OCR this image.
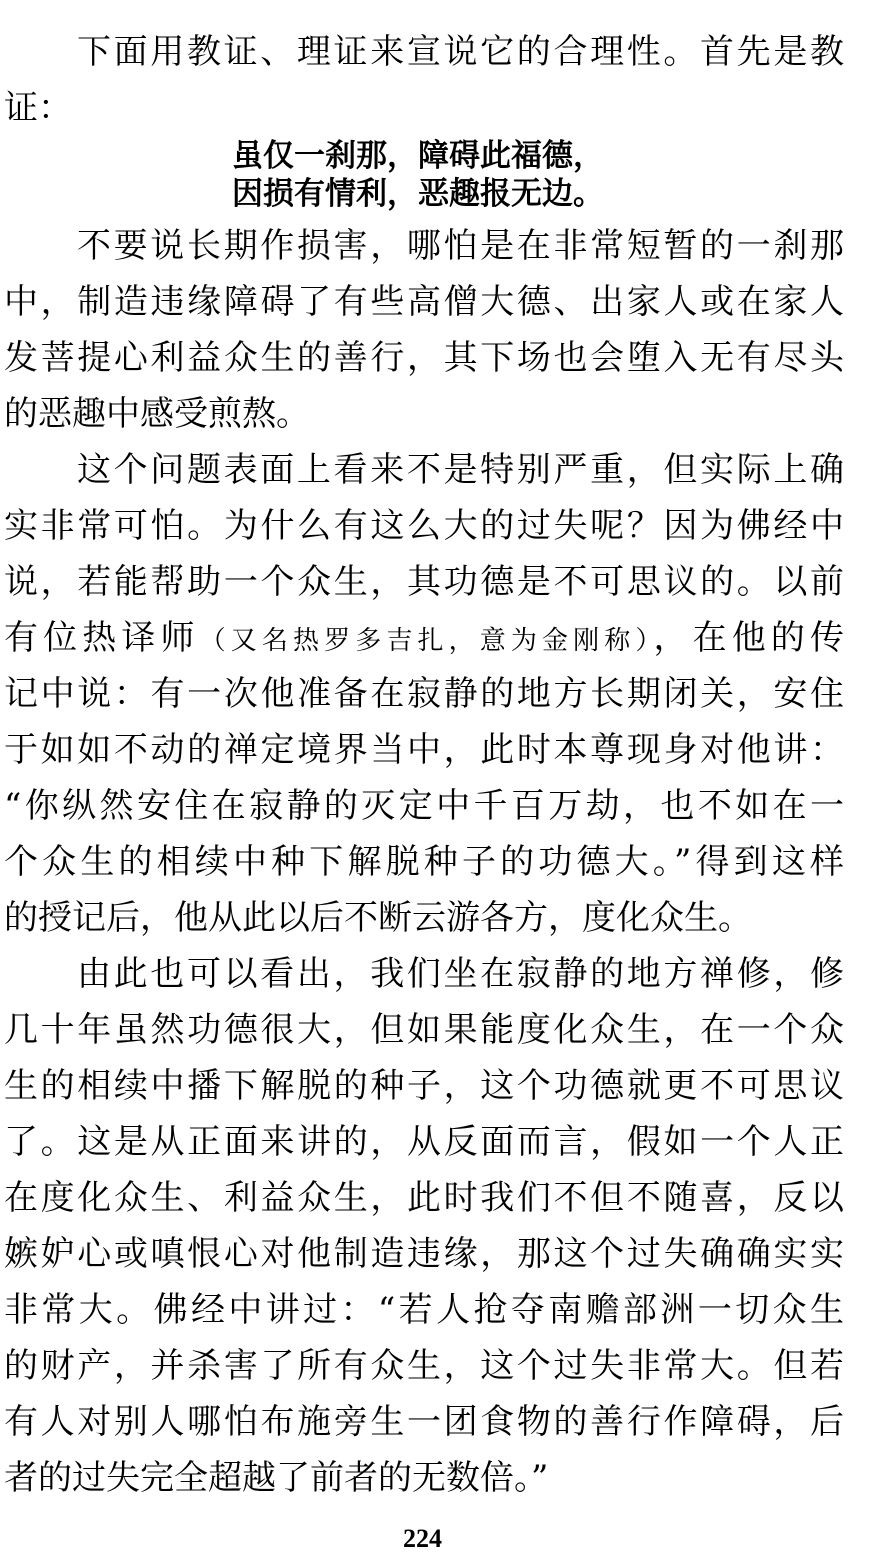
下面用教证、理证来宣说它的合理性。首先是教
证：
虽仅一刹那，障碍此福德，
因损有情利，恶趣报无边。
不要说长期作损害，哪怕是在非常短暂的一刹那
中，制造违缘障碍了有些高僧大德、出家人或在家人
发菩提心利益众生的善行，其下场也会堕入无有尽头
的恶趣中感受煎熬。
这个问题表面上看来不是特别严重，但实际上确
实非常可怕。为什么有这么大的过失呢？因为佛经中
说，若能帮助一个众生，其功德是不可思议的。以前
有位热译师（又名热罗多吉扎，意为金刚称），在他的传
记中说：有一次他准备在寂静的地方长期闭关，安住
于如如不动的禅定境界当中，此时本尊现身对他讲：
“你纵然安住在寂静的灭定中千百万劫，也不如在一
个众生的相续中种下解脱种子的功德大。”得到这样
的授记后，他从此以后不断云游各方，度化众生。
由此也可以看出，我们坐在寂静的地方禅修，修
几十年虽然功德很大，但如果能度化众生，在一个众
生的相续中播下解脱的种子，这个功德就更不可思议
了。这是从正面来讲的，从反面而言，假如一个人正
在度化众生、利益众生，此时我们不但不随喜，反以
嫉妒心或嗔恨心对他制造违缘，那这个过失确确实实
非常大。佛经中讲过：“若人抢夺南赡部洲一切众生
的财产，并杀害了所有众生，这个过失非常大。但若
有人对别人哪怕布施旁生一团食物的善行作障碍，后
者的过失完全超越了前者的无数倍。”
224
